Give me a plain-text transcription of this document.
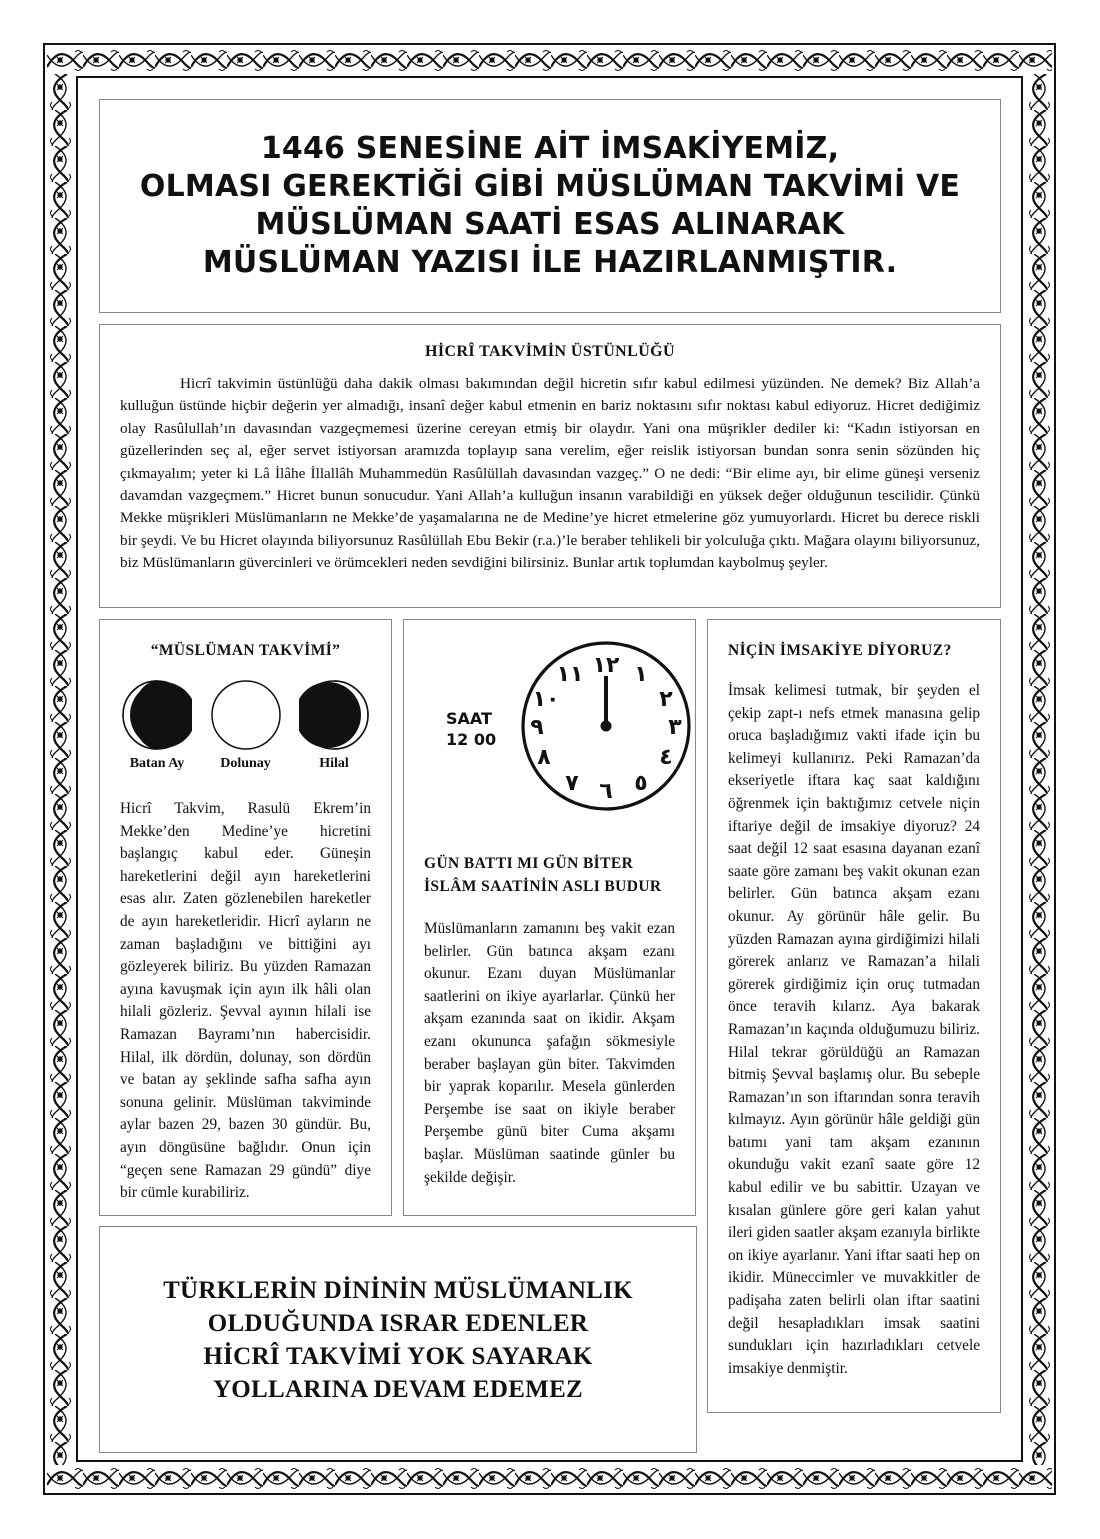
1446 SENESİNE AİT İMSAKİYEMİZ,
OLMASI GEREKTİĞİ GİBİ MÜSLÜMAN TAKVİMİ VE
MÜSLÜMAN SAATİ ESAS ALINARAK
MÜSLÜMAN YAZISI İLE HAZIRLANMIŞTIR.
HİCRÎ TAKVİMİN ÜSTÜNLÜĞÜ

Hicrî takvimin üstünlüğü daha dakik olması bakımından değil hicretin sıfır kabul edilmesi yüzünden. Ne demek? Biz Allah’a kulluğun üstünde hiçbir değerin yer almadığı, insanî değer kabul etmenin en bariz noktasını sıfır noktası kabul ediyoruz. Hicret dediğimiz olay Rasûlullah’ın davasından vazgeçmemesi üzerine cereyan etmiş bir olaydır. Yani ona müşrikler dediler ki: “Kadın istiyorsan en güzellerinden seç al, eğer servet istiyorsan aramızda toplayıp sana verelim, eğer reislik istiyorsan bundan sonra senin sözünden hiç çıkmayalım; yeter ki Lâ İlâhe İllallâh Muhammedün Rasûlüllah davasından vazgeç.” O ne dedi: “Bir elime ayı, bir elime güneşi verseniz davamdan vazgeçmem.” Hicret bunun sonucudur. Yani Allah’a kulluğun insanın varabildiği en yüksek değer olduğunun tescilidir. Çünkü Mekke müşrikleri Müslümanların ne Mekke’de yaşamalarına ne de Medine’ye hicret etmelerine göz yumuyorlardı. Hicret bu derece riskli bir şeydi. Ve bu Hicret olayında biliyorsunuz Rasûlüllah Ebu Bekir (r.a.)’le beraber tehlikeli bir yolculuğa çıktı. Mağara olayını biliyorsunuz, biz Müslümanların güvercinleri ve örümcekleri neden sevdiğini bilirsiniz. Bunlar artık toplumdan kaybolmuş şeyler.

“MÜSLÜMAN TAKVİMİ”
Batan Ay	Dolunay	Hilal

Hicrî Takvim, Rasulü Ekrem’in Mekke’den Medine’ye hicretini başlangıç kabul eder. Güneşin hareketlerini değil ayın hareketlerini esas alır. Zaten gözlenebilen hareketler de ayın hareketleridir. Hicrî ayların ne zaman başladığını ve bittiğini ayı gözleyerek biliriz. Bu yüzden Ramazan ayına kavuşmak için ayın ilk hâli olan hilali gözleriz. Şevval ayının hilali ise Ramazan Bayramı’nın habercisidir. Hilal, ilk dördün, dolunay, son dördün ve batan ay şeklinde safha safha ayın sonuna gelinir. Müslüman takviminde aylar bazen 29, bazen 30 gündür. Bu, ayın döngüsüne bağlıdır. Onun için “geçen sene Ramazan 29 gündü” diye bir cümle kurabiliriz.

SAAT
12 00
١٢ ١
٢
٣
٤
٥
٦
٧
٨
٩
١٠
١١
GÜN BATTI MI GÜN BİTER
İSLÂM SAATİNİN ASLI BUDUR

Müslümanların zamanını beş vakit ezan belirler. Gün batınca akşam ezanı okunur. Ezanı duyan Müslümanlar saatlerini on ikiye ayarlarlar. Çünkü her akşam ezanında saat on ikidir. Akşam ezanı okununca şafağın sökmesiyle beraber başlayan gün biter. Takvimden bir yaprak koparılır. Mesela günlerden Perşembe ise saat on ikiyle beraber Perşembe günü biter Cuma akşamı başlar. Müslüman saatinde günler bu şekilde değişir.

NİÇİN İMSAKİYE DİYORUZ?

İmsak kelimesi tutmak, bir şeyden el çekip zapt-ı nefs etmek manasına gelip oruca başladığımız vakti ifade için bu kelimeyi kullanırız. Peki Ramazan’da ekseriyetle iftara kaç saat kaldığını öğrenmek için baktığımız cetvele niçin iftariye değil de imsakiye diyoruz? 24 saat değil 12 saat esasına dayanan ezanî saate göre zamanı beş vakit okunan ezan belirler. Gün batınca akşam ezanı okunur. Ay görünür hâle gelir. Bu yüzden Ramazan ayına girdiğimizi hilali görerek anlarız ve Ramazan’a hilali görerek girdiğimiz için oruç tutmadan önce teravih kılarız. Aya bakarak Ramazan’ın kaçında olduğumuzu biliriz. Hilal tekrar görüldüğü an Ramazan bitmiş Şevval başlamış olur. Bu sebeple Ramazan’ın son iftarından sonra teravih kılmayız. Ayın görünür hâle geldiği gün batımı yani tam akşam ezanının okunduğu vakit ezanî saate göre 12 kabul edilir ve bu sabittir. Uzayan ve kısalan günlere göre geri kalan yahut ileri giden saatler akşam ezanıyla birlikte on ikiye ayarlanır. Yani iftar saati hep on ikidir. Müneccimler ve muvakkitler de padişaha zaten belirli olan iftar saatini değil hesapladıkları imsak saatini sundukları için hazırladıkları cetvele imsakiye denmiştir.

TÜRKLERİN DİNİNİN MÜSLÜMANLIK
OLDUĞUNDA ISRAR EDENLER
HİCRÎ TAKVİMİ YOK SAYARAK
YOLLARINA DEVAM EDEMEZ
